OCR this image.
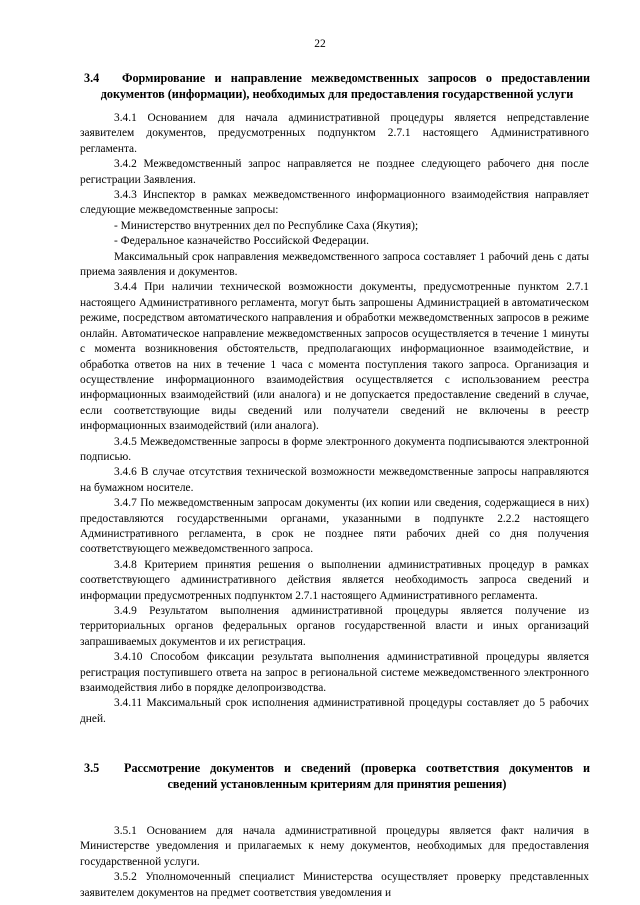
22
3.4	Формирование и направление межведомственных запросов о предоставлении документов (информации), необходимых для предоставления государственной услуги

3.4.1 Основанием для начала административной процедуры является непредставление заявителем документов, предусмотренных подпунктом 2.7.1 настоящего Административного регламента.

3.4.2 Межведомственный запрос направляется не позднее следующего рабочего дня после регистрации Заявления.

3.4.3 Инспектор в рамках межведомственного информационного взаимодействия направляет следующие межведомственные запросы:

- Министерство внутренних дел по Республике Саха (Якутия);

- Федеральное казначейство Российской Федерации.

Максимальный срок направления межведомственного запроса составляет 1 рабочий день с даты приема заявления и документов.

3.4.4 При наличии технической возможности документы, предусмотренные пунктом 2.7.1 настоящего Административного регламента, могут быть запрошены Администрацией в автоматическом режиме, посредством автоматического направления и обработки межведомственных запросов в режиме онлайн. Автоматическое направление межведомственных запросов осуществляется в течение 1 минуты с момента возникновения обстоятельств, предполагающих информационное взаимодействие, и обработка ответов на них в течение 1 часа с момента поступления такого запроса. Организация и осуществление информационного взаимодействия осуществляется с использованием реестра информационных взаимодействий (или аналога) и не допускается предоставление сведений в случае, если соответствующие виды сведений или получатели сведений не включены в реестр информационных взаимодействий (или аналога).

3.4.5 Межведомственные запросы в форме электронного документа подписываются электронной подписью.

3.4.6 В случае отсутствия технической возможности межведомственные запросы направляются на бумажном носителе.

3.4.7 По межведомственным запросам документы (их копии или сведения, содержащиеся в них) предоставляются государственными органами, указанными в подпункте 2.2.2 настоящего Административного регламента, в срок не позднее пяти рабочих дней со дня получения соответствующего межведомственного запроса.

3.4.8 Критерием принятия решения о выполнении административных процедур в рамках соответствующего административного действия является необходимость запроса сведений и информации предусмотренных подпунктом 2.7.1 настоящего Административного регламента.

3.4.9 Результатом выполнения административной процедуры является получение из территориальных органов федеральных органов государственной власти и иных организаций запрашиваемых документов и их регистрация.

3.4.10 Способом фиксации результата выполнения административной процедуры является регистрация поступившего ответа на запрос в региональной системе межведомственного электронного взаимодействия либо в порядке делопроизводства.

3.4.11 Максимальный срок исполнения административной процедуры составляет до 5 рабочих дней.

3.5	Рассмотрение документов и сведений (проверка соответствия документов и сведений установленным критериям для принятия решения)

3.5.1 Основанием для начала административной процедуры является факт наличия в Министерстве уведомления и прилагаемых к нему документов, необходимых для предоставления государственной услуги.

3.5.2 Уполномоченный специалист Министерства осуществляет проверку представленных заявителем документов на предмет соответствия уведомления и
